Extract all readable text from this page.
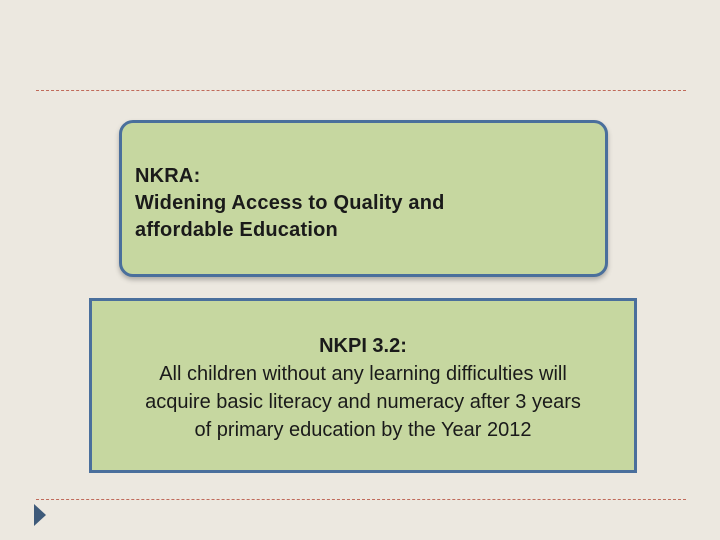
NKRA:
Widening Access to Quality and
affordable Education
NKPI 3.2:
All children without any learning difficulties will
acquire basic literacy and numeracy after 3 years
of primary education by the Year 2012
